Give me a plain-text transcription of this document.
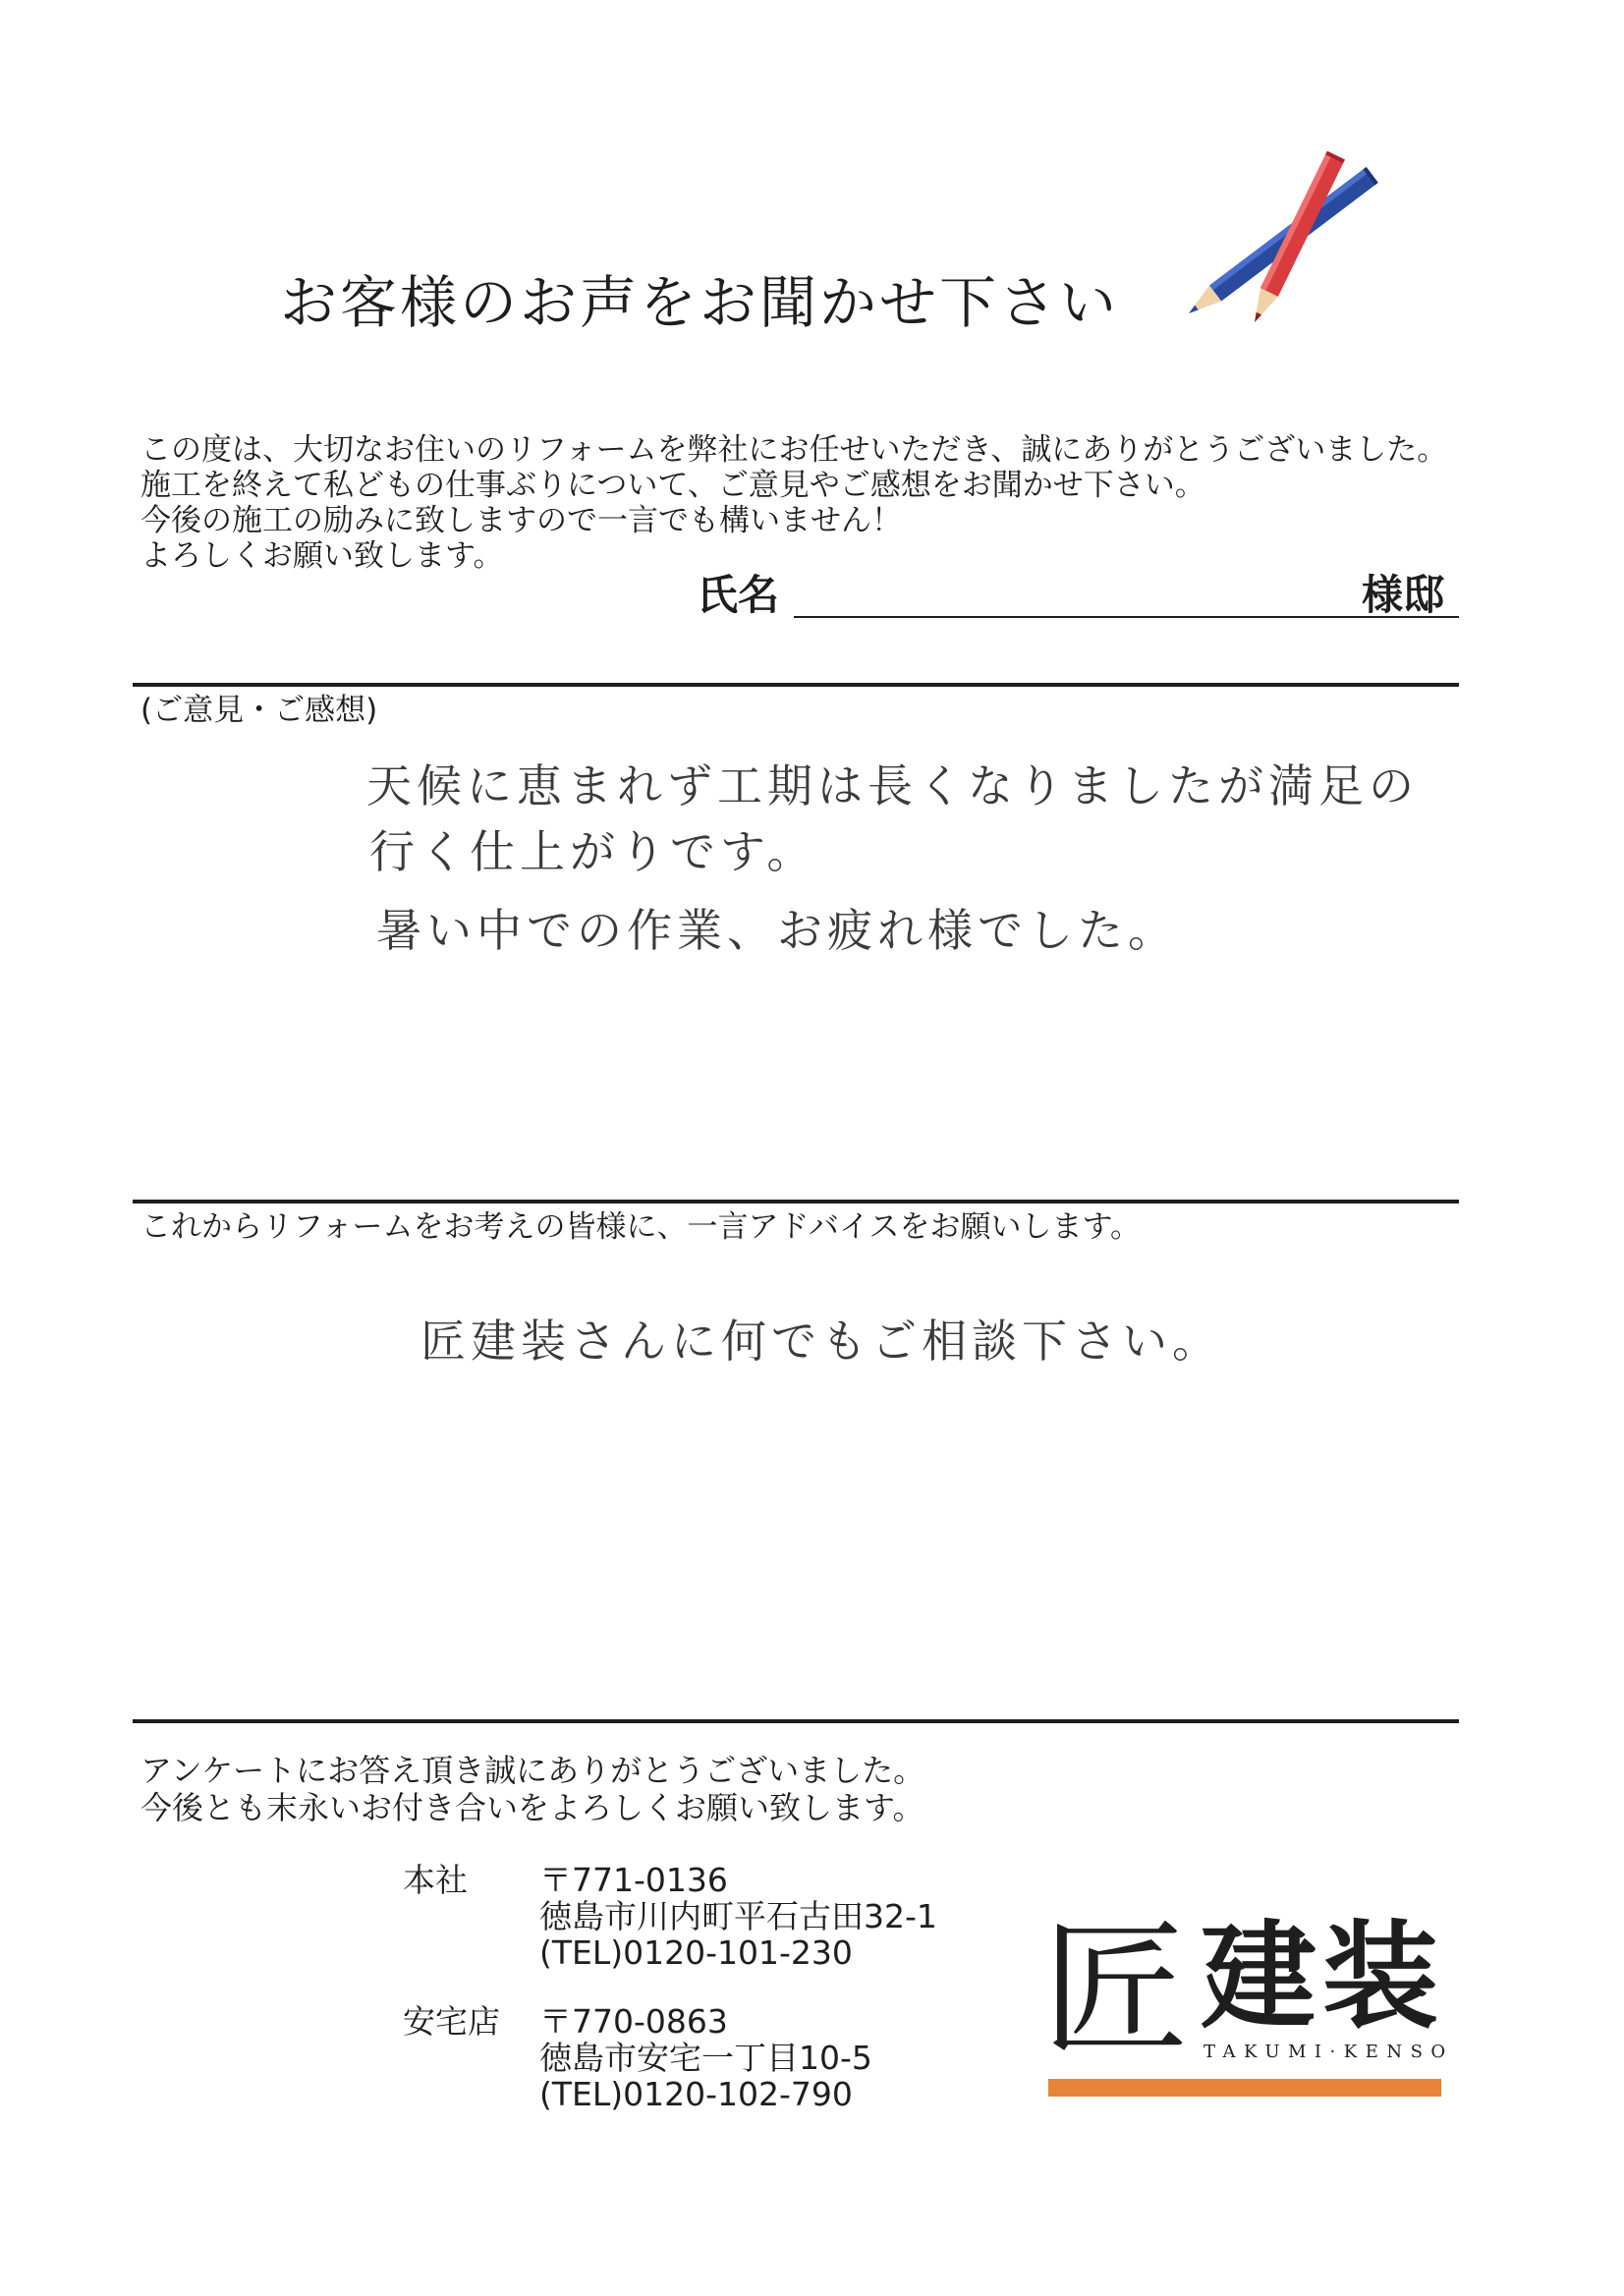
お客様のお声をお聞かせ下さい
この度は、大切なお住いのリフォームを弊社にお任せいただき、誠にありがとうございました。
施工を終えて私どもの仕事ぶりについて、ご意見やご感想をお聞かせ下さい。
今後の施工の励みに致しますので一言でも構いません！
よろしくお願い致します。
氏名	様邸
(ご意見・ご感想)
天候に恵まれず工期は長くなりましたが満足の
行く仕上がりです。
暑い中での作業、お疲れ様でした。
これからリフォームをお考えの皆様に、一言アドバイスをお願いします。
匠建装さんに何でもご相談下さい。
アンケートにお答え頂き誠にありがとうございました。
今後とも末永いお付き合いをよろしくお願い致します。
本社 〒771-0136
徳島市川内町平石古田32-1
(TEL)0120-101-230
安宅店 〒770-0863
徳島市安宅一丁目10-5
(TEL)0120-102-790
匠 建装
TAKUMI·KENSO
